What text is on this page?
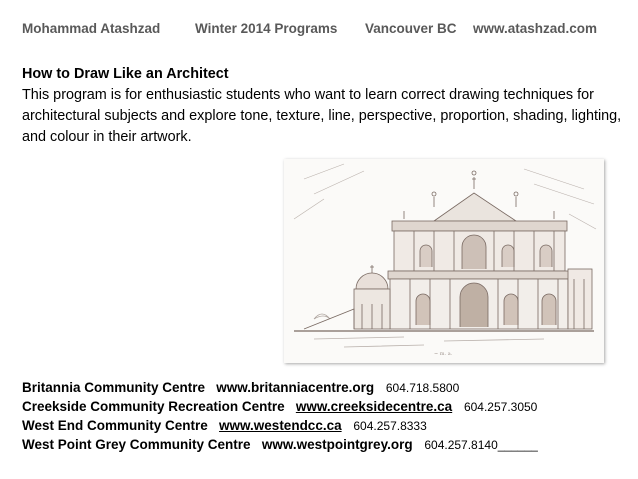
Mohammad Atashzad	Winter 2014 Programs Vancouver BC www.atashzad.com
How to Draw Like an Architect
This program is for enthusiastic students who want to learn correct drawing techniques for architectural subjects and explore tone, texture, line, perspective, proportion, shading, lighting, and colour in their artwork.
~ m. a.
Britannia Community Centre www.britanniacentre.org 604.718.5800
Creekside Community Recreation Centre www.creeksidecentre.ca 604.257.3050
West End Community Centre www.westendcc.ca 604.257.8333
West Point Grey Community Centre www.westpointgrey.org 604.257.8140______
